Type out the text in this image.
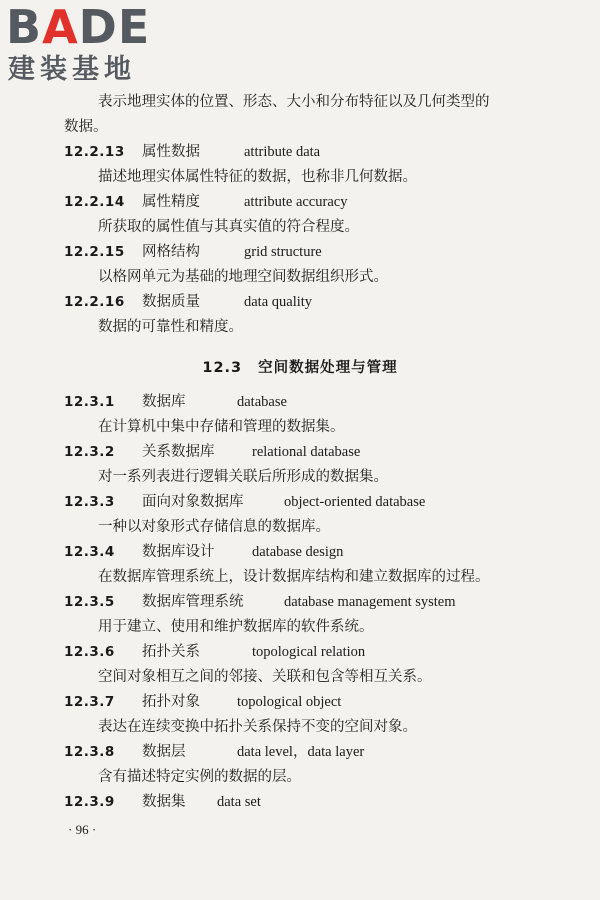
BADE
建装基地
表示地理实体的位置、形态、大小和分布特征以及几何类型的
数据。
12.2.13 属性数据	attribute data
描述地理实体属性特征的数据，也称非几何数据。
12.2.14 属性精度	attribute accuracy
所获取的属性值与其真实值的符合程度。
12.2.15 网格结构	grid structure
以格网单元为基础的地理空间数据组织形式。
12.2.16 数据质量	data quality
数据的可靠性和精度。
12.3 空间数据处理与管理
12.3.1 数据库	database
在计算机中集中存储和管理的数据集。
12.3.2 关系数据库	relational database
对一系列表进行逻辑关联后所形成的数据集。
12.3.3 面向对象数据库	object-oriented database
一种以对象形式存储信息的数据库。
12.3.4 数据库设计	database design
在数据库管理系统上，设计数据库结构和建立数据库的过程。
12.3.5 数据库管理系统	database management system
用于建立、使用和维护数据库的软件系统。
12.3.6 拓扑关系	topological relation
空间对象相互之间的邻接、关联和包含等相互关系。
12.3.7 拓扑对象	topological object
表达在连续变换中拓扑关系保持不变的空间对象。
12.3.8 数据层	data level，data layer
含有描述特定实例的数据的层。
12.3.9 数据集 data set
· 96 ·
